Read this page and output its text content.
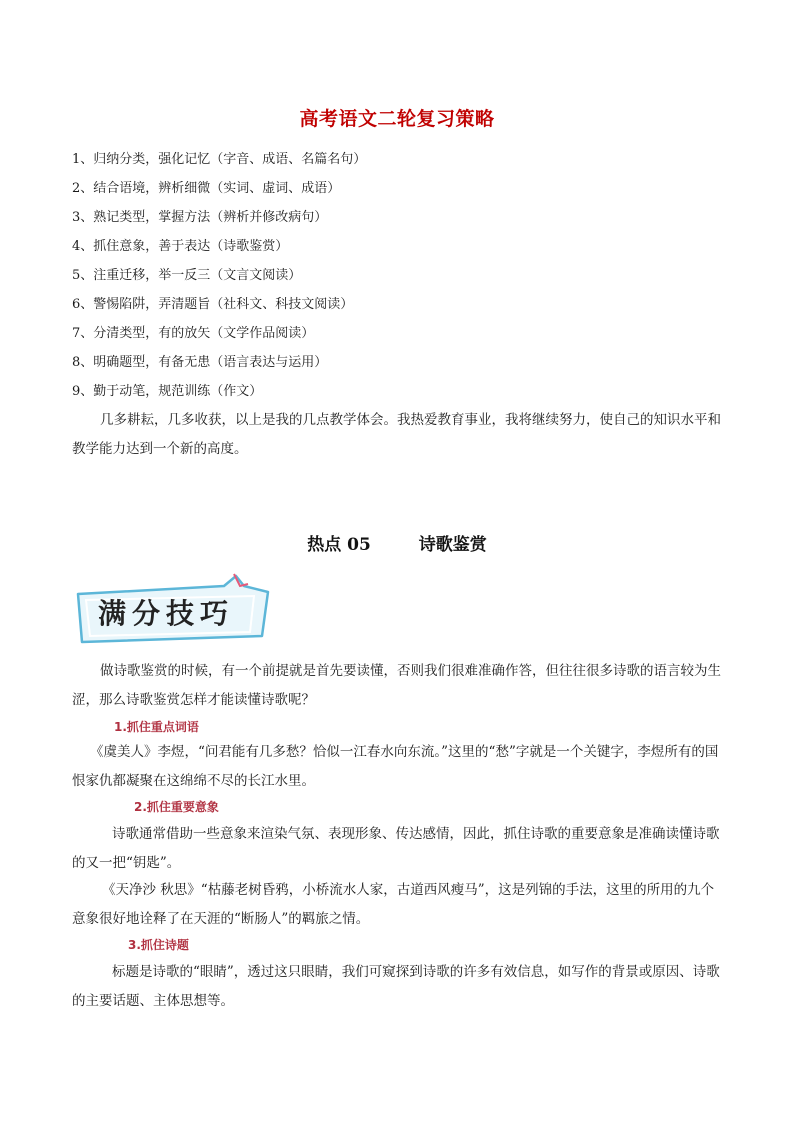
高考语文二轮复习策略
1、归纳分类，强化记忆（字音、成语、名篇名句）
2、结合语境，辨析细微（实词、虚词、成语）
3、熟记类型，掌握方法（辨析并修改病句）
4、抓住意象，善于表达（诗歌鉴赏）
5、注重迁移，举一反三（文言文阅读）
6、警惕陷阱，弄清题旨（社科文、科技文阅读）
7、分清类型，有的放矢（文学作品阅读）
8、明确题型，有备无患（语言表达与运用）
9、勤于动笔，规范训练（作文）

几多耕耘，几多收获，以上是我的几点教学体会。我热爱教育事业，我将继续努力，使自己的知识水平和教学能力达到一个新的高度。

热点 05	诗歌鉴赏
满分技巧

做诗歌鉴赏的时候，有一个前提就是首先要读懂，否则我们很难准确作答，但往往很多诗歌的语言较为生涩，那么诗歌鉴赏怎样才能读懂诗歌呢？

1.抓住重点词语

《虞美人》李煜，“问君能有几多愁？恰似一江春水向东流。”这里的“愁”字就是一个关键字，李煜所有的国恨家仇都凝聚在这绵绵不尽的长江水里。

2.抓住重要意象

诗歌通常借助一些意象来渲染气氛、表现形象、传达感情，因此，抓住诗歌的重要意象是准确读懂诗歌的又一把“钥匙”。

《天净沙 秋思》“枯藤老树昏鸦，小桥流水人家，古道西风瘦马”，这是列锦的手法，这里的所用的九个意象很好地诠释了在天涯的“断肠人”的羁旅之情。

3.抓住诗题

标题是诗歌的“眼睛”，透过这只眼睛，我们可窥探到诗歌的许多有效信息，如写作的背景或原因、诗歌的主要话题、主体思想等。
